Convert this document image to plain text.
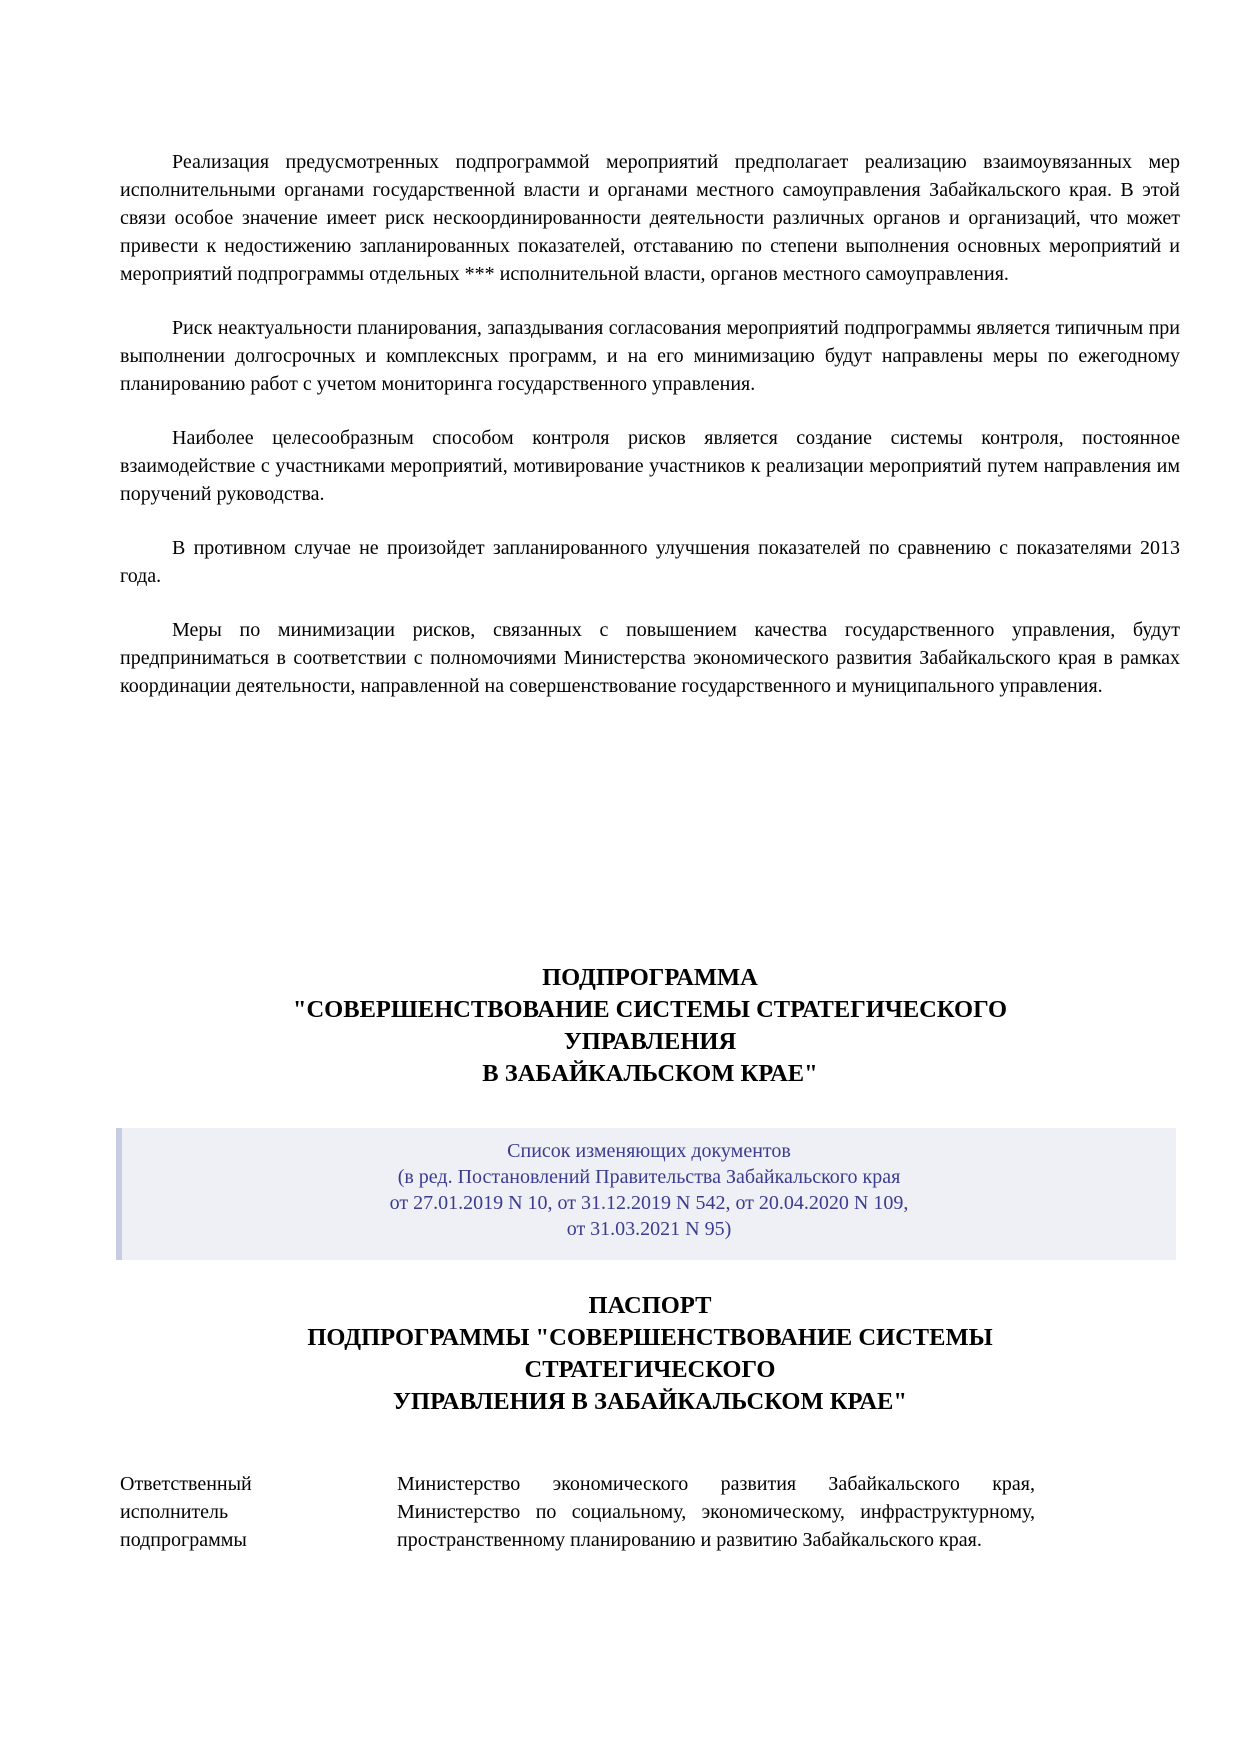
Реализация предусмотренных подпрограммой мероприятий предполагает реализацию взаимоувязанных мер исполнительными органами государственной власти и органами местного самоуправления Забайкальского края. В этой связи особое значение имеет риск нескоординированности деятельности различных органов и организаций, что может привести к недостижению запланированных показателей, отставанию по степени выполнения основных мероприятий и мероприятий подпрограммы отдельных *** исполнительной власти, органов местного самоуправления.

Риск неактуальности планирования, запаздывания согласования мероприятий подпрограммы является типичным при выполнении долгосрочных и комплексных программ, и на его минимизацию будут направлены меры по ежегодному планированию работ с учетом мониторинга государственного управления.

Наиболее целесообразным способом контроля рисков является создание системы контроля, постоянное взаимодействие с участниками мероприятий, мотивирование участников к реализации мероприятий путем направления им поручений руководства.

В противном случае не произойдет запланированного улучшения показателей по сравнению с показателями 2013 года.

Меры по минимизации рисков, связанных с повышением качества государственного управления, будут предприниматься в соответствии с полномочиями Министерства экономического развития Забайкальского края в рамках координации деятельности, направленной на совершенствование государственного и муниципального управления.

ПОДПРОГРАММА
"СОВЕРШЕНСТВОВАНИЕ СИСТЕМЫ СТРАТЕГИЧЕСКОГО
УПРАВЛЕНИЯ
В ЗАБАЙКАЛЬСКОМ КРАЕ"
Список изменяющих документов
(в ред. Постановлений Правительства Забайкальского края
от 27.01.2019 N 10, от 31.12.2019 N 542, от 20.04.2020 N 109,
от 31.03.2021 N 95)
ПАСПОРТ
ПОДПРОГРАММЫ "СОВЕРШЕНСТВОВАНИЕ СИСТЕМЫ
СТРАТЕГИЧЕСКОГО
УПРАВЛЕНИЯ В ЗАБАЙКАЛЬСКОМ КРАЕ"
Ответственный
исполнитель
подпрограммы
Министерство экономического развития Забайкальского края, Министерство по социальному, экономическому, инфраструктурному, пространственному планированию и развитию Забайкальского края.
